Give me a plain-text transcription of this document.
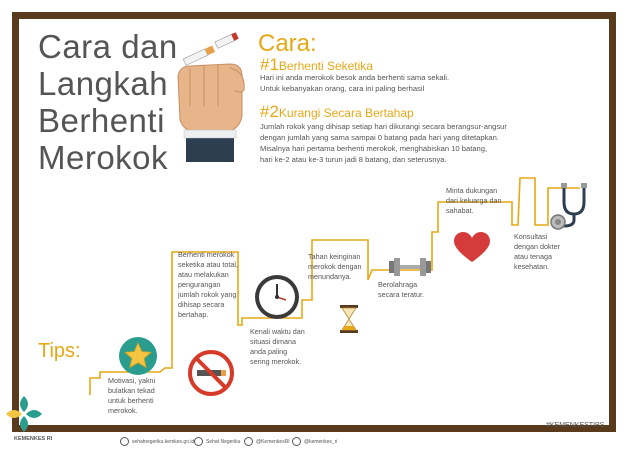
Cara dan
Langkah
Berhenti
Merokok
Cara:
#1Berhenti Seketika
Hari ini anda merokok besok anda berhenti sama sekali.
Untuk kebanyakan orang, cara ini paling berhasil
#2Kurangi Secara Bertahap
Jumlah rokok yang dihisap setiap hari dikurangi secara berangsur-angsur
dengan jumlah yang sama sampai 0 batang pada hari yang ditetapkan.
Misalnya hari pertama berhenti merokok, menghabiskan 10 batang,
hari ke-2 atau ke-3 turun jadi 8 batang, dan seterusnya.
Tips:
Motivasi, yakni bulatkan tekad untuk berhenti merokok.
Berhenti merokok seketika atau total, atau melakukan pengurangan jumlah rokok yang dihisap secara bertahap.
Kenali waktu dan situasi dimana anda paling sering merokok.
Tahan keinginan merokok dengan menundanya.
Berolahraga secara teratur.
Minta dukungan dari keluarga dan sahabat.
Konsultasi dengan dokter atau tenaga kesehatan.
#KEMENKESTIPS
KEMENKES RI	sehatnegeriku.kemkes.go.id Sehat Negeriku	@KemenkesRI	@kemenkes_ri
